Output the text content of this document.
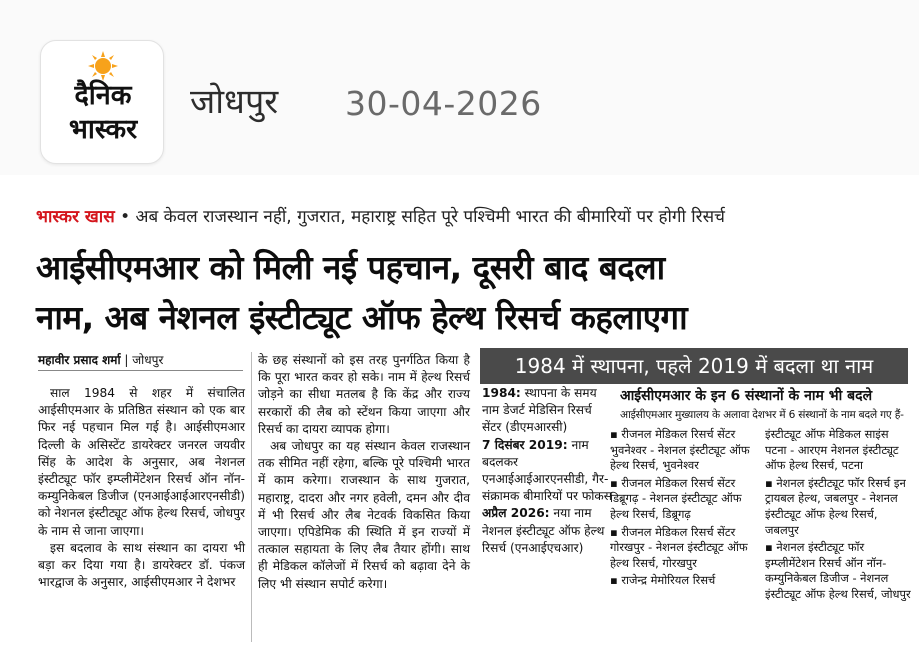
दैनिक
भास्कर
जोधपुर 30-04-2026
भास्कर खास • अब केवल राजस्थान नहीं, गुजरात, महाराष्ट्र सहित पूरे पश्चिमी भारत की बीमारियों पर होगी रिसर्च
आईसीएमआर को मिली नई पहचान, दूसरी बाद बदला
नाम, अब नेशनल इंस्टीट्यूट ऑफ हेल्थ रिसर्च कहलाएगा
महावीर प्रसाद शर्मा | जोधपुर

साल 1984 से शहर में संचालित आईसीएमआर के प्रतिष्ठित संस्थान को एक बार फिर नई पहचान मिल गई है। आईसीएमआर दिल्ली के असिस्टेंट डायरेक्टर जनरल जयवीर सिंह के आदेश के अनुसार, अब नेशनल इंस्टीट्यूट फॉर इम्प्लीमेंटेशन रिसर्च ऑन नॉन-कम्युनिकेबल डिजीज (एनआईआईआरएनसीडी) को नेशनल इंस्टीट्यूट ऑफ हेल्थ रिसर्च, जोधपुर के नाम से जाना जाएगा।

इस बदलाव के साथ संस्थान का दायरा भी बड़ा कर दिया गया है। डायरेक्टर डॉ. पंकज भारद्वाज के अनुसार, आईसीएमआर ने देशभर

के छह संस्थानों को इस तरह पुनर्गठित किया है कि पूरा भारत कवर हो सके। नाम में हेल्थ रिसर्च जोड़ने का सीधा मतलब है कि केंद्र और राज्य सरकारों की लैब को स्टेंथन किया जाएगा और रिसर्च का दायरा व्यापक होगा।

अब जोधपुर का यह संस्थान केवल राजस्थान तक सीमित नहीं रहेगा, बल्कि पूरे पश्चिमी भारत में काम करेगा। राजस्थान के साथ गुजरात, महाराष्ट्र, दादरा और नगर हवेली, दमन और दीव में भी रिसर्च और लैब नेटवर्क विकसित किया जाएगा। एपिडेमिक की स्थिति में इन राज्यों में तत्काल सहायता के लिए लैब तैयार होंगी। साथ ही मेडिकल कॉलेजों में रिसर्च को बढ़ावा देने के लिए भी संस्थान सपोर्ट करेगा।

1984 में स्थापना, पहले 2019 में बदला था नाम

1984: स्थापना के समय नाम डेजर्ट मेडिसिन रिसर्च सेंटर (डीएमआरसी)

7 दिसंबर 2019: नाम बदलकर एनआईआईआरएनसीडी, गैर-संक्रामक बीमारियों पर फोकस

अप्रैल 2026: नया नाम नेशनल इंस्टीट्यूट ऑफ हेल्थ रिसर्च (एनआईएचआर)

आईसीएमआर के इन 6 संस्थानों के नाम भी बदले
आईसीएमआर मुख्यालय के अलावा देशभर में 6 संस्थानों के नाम बदले गए हैं-
▪ रीजनल मेडिकल रिसर्च सेंटर भुवनेश्वर - नेशनल इंस्टीट्यूट ऑफ हेल्थ रिसर्च, भुवनेश्वर
▪ रीजनल मेडिकल रिसर्च सेंटर डिब्रूगढ़ - नेशनल इंस्टीट्यूट ऑफ हेल्थ रिसर्च, डिब्रूगढ़
▪ रीजनल मेडिकल रिसर्च सेंटर गोरखपुर - नेशनल इंस्टीट्यूट ऑफ हेल्थ रिसर्च, गोरखपुर
▪ राजेन्द्र मेमोरियल रिसर्च
इंस्टीट्यूट ऑफ मेडिकल साइंस पटना - आरएम नेशनल इंस्टीट्यूट ऑफ हेल्थ रिसर्च, पटना
▪ नेशनल इंस्टीट्यूट फॉर रिसर्च इन ट्रायबल हेल्थ, जबलपुर - नेशनल इंस्टीट्यूट ऑफ हेल्थ रिसर्च, जबलपुर
▪ नेशनल इंस्टीट्यूट फॉर इम्प्लीमेंटेशन रिसर्च ऑन नॉन-कम्युनिकेबल डिजीज - नेशनल इंस्टीट्यूट ऑफ हेल्थ रिसर्च, जोधपुर
